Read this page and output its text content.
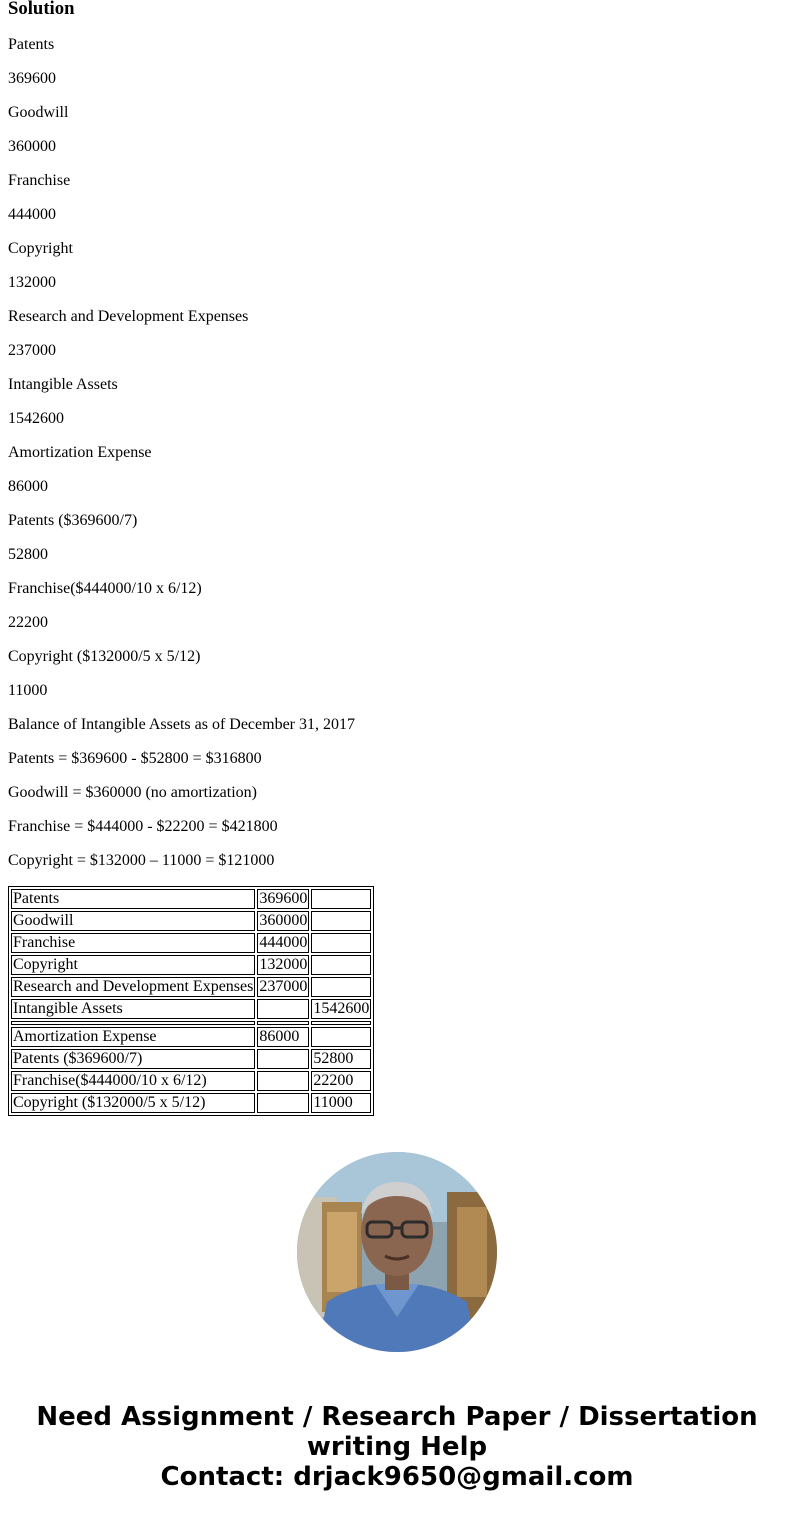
Solution

Patents

369600

Goodwill

360000

Franchise

444000

Copyright

132000

Research and Development Expenses

237000

Intangible Assets

1542600

Amortization Expense

86000

Patents ($369600/7)

52800

Franchise($444000/10 x 6/12)

22200

Copyright ($132000/5 x 5/12)

11000

Balance of Intangible Assets as of December 31, 2017

Patents = $369600 - $52800 = $316800

Goodwill = $360000 (no amortization)

Franchise = $444000 - $22200 = $421800

Copyright = $132000 – 11000 = $121000

Patents	369600	
Goodwill	360000	
Franchise	444000	
Copyright	132000	
Research and Development Expenses	237000	
Intangible Assets		1542600

Amortization Expense	86000	
Patents ($369600/7)		52800
Franchise($444000/10 x 6/12)		22200
Copyright ($132000/5 x 5/12)		11000
Need Assignment / Research Paper / Dissertation
writing Help
Contact: drjack9650@gmail.com
